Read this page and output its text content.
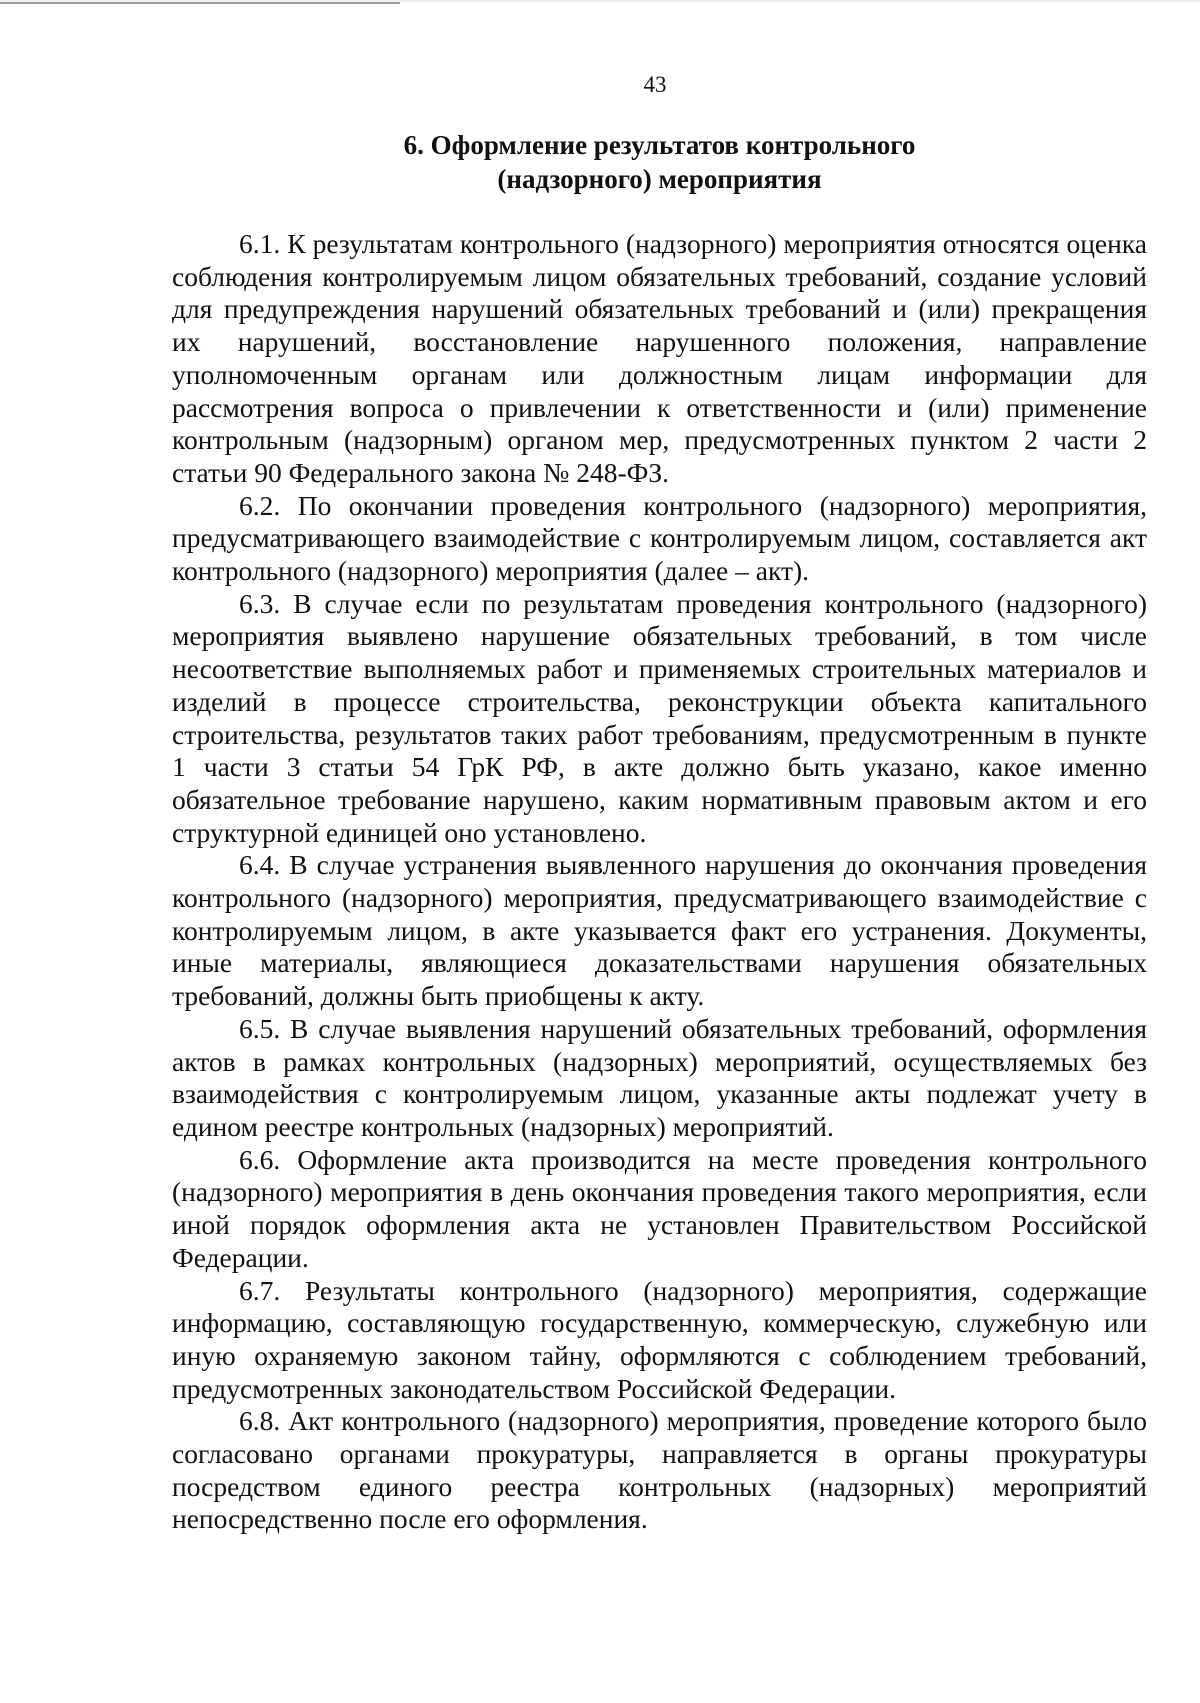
43
6. Оформление результатов контрольного
(надзорного) мероприятия

6.1. К результатам контрольного (надзорного) мероприятия относятся оценка соблюдения контролируемым лицом обязательных требований, создание условий для предупреждения нарушений обязательных требований и (или) прекращения их нарушений, восстановление нарушенного положения, направление уполномоченным органам или должностным лицам информации для рассмотрения вопроса о привлечении к ответственности и (или) применение контрольным (надзорным) органом мер, предусмотренных пунктом 2 части 2 статьи 90 Федерального закона № 248-ФЗ.

6.2. По окончании проведения контрольного (надзорного) мероприятия, предусматривающего взаимодействие с контролируемым лицом, составляется акт контрольного (надзорного) мероприятия (далее – акт).

6.3. В случае если по результатам проведения контрольного (надзорного) мероприятия выявлено нарушение обязательных требований, в том числе несоответствие выполняемых работ и применяемых строительных материалов и изделий в процессе строительства, реконструкции объекта капитального строительства, результатов таких работ требованиям, предусмотренным в пункте 1 части 3 статьи 54 ГрК РФ, в акте должно быть указано, какое именно обязательное требование нарушено, каким нормативным правовым актом и его структурной единицей оно установлено.

6.4. В случае устранения выявленного нарушения до окончания проведения контрольного (надзорного) мероприятия, предусматривающего взаимодействие с контролируемым лицом, в акте указывается факт его устранения. Документы, иные материалы, являющиеся доказательствами нарушения обязательных требований, должны быть приобщены к акту.

6.5. В случае выявления нарушений обязательных требований, оформления актов в рамках контрольных (надзорных) мероприятий, осуществляемых без взаимодействия с контролируемым лицом, указанные акты подлежат учету в едином реестре контрольных (надзорных) мероприятий.

6.6. Оформление акта производится на месте проведения контрольного (надзорного) мероприятия в день окончания проведения такого мероприятия, если иной порядок оформления акта не установлен Правительством Российской Федерации.

6.7. Результаты контрольного (надзорного) мероприятия, содержащие информацию, составляющую государственную, коммерческую, служебную или иную охраняемую законом тайну, оформляются с соблюдением требований, предусмотренных законодательством Российской Федерации.

6.8. Акт контрольного (надзорного) мероприятия, проведение которого было согласовано органами прокуратуры, направляется в органы прокуратуры посредством единого реестра контрольных (надзорных) мероприятий непосредственно после его оформления.
